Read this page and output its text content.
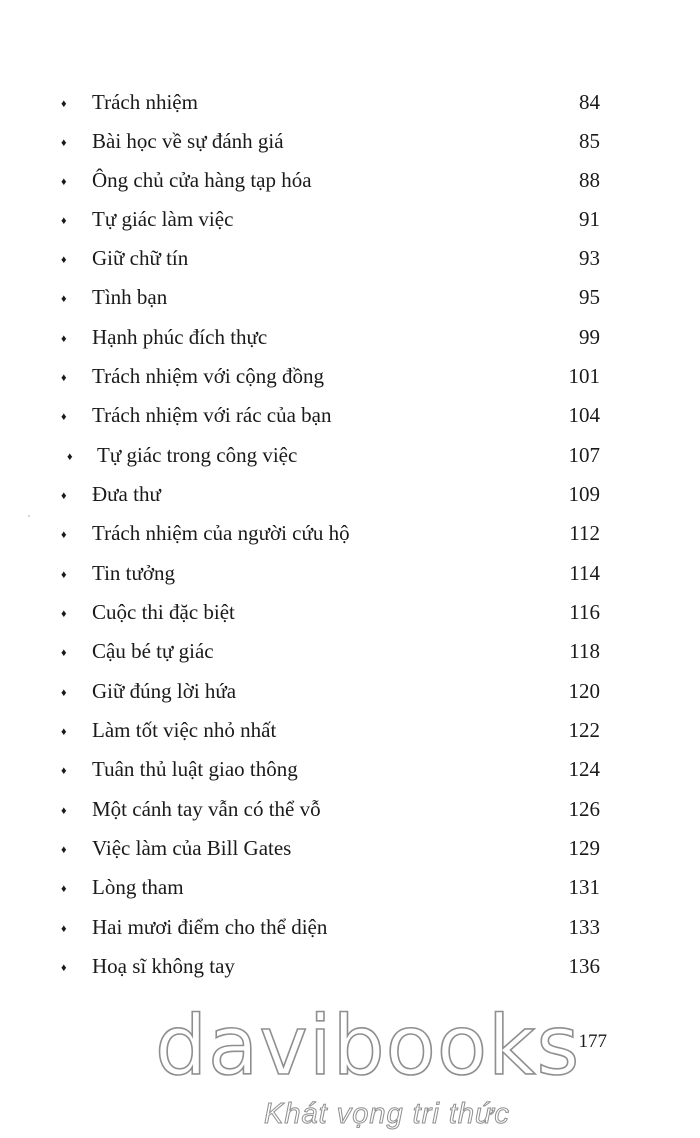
♦ Trách nhiệm	84
♦ Bài học về sự đánh giá	85
♦ Ông chủ cửa hàng tạp hóa	88
♦ Tự giác làm việc	91
♦ Giữ chữ tín	93
♦ Tình bạn	95
♦ Hạnh phúc đích thực	99
♦ Trách nhiệm với cộng đồng	101
♦ Trách nhiệm với rác của bạn	104
♦ Tự giác trong công việc	107
♦ Đưa thư	109
♦ Trách nhiệm của người cứu hộ	112
♦ Tin tưởng	114
♦ Cuộc thi đặc biệt	116
♦ Cậu bé tự giác	118
♦ Giữ đúng lời hứa	120
♦ Làm tốt việc nhỏ nhất	122
♦ Tuân thủ luật giao thông	124
♦ Một cánh tay vẫn có thể vỗ	126
♦ Việc làm của Bill Gates	129
♦ Lòng tham	131
♦ Hai mươi điểm cho thể diện	133
♦ Hoạ sĩ không tay	136
davibooks
Khát vọng tri thức
177
